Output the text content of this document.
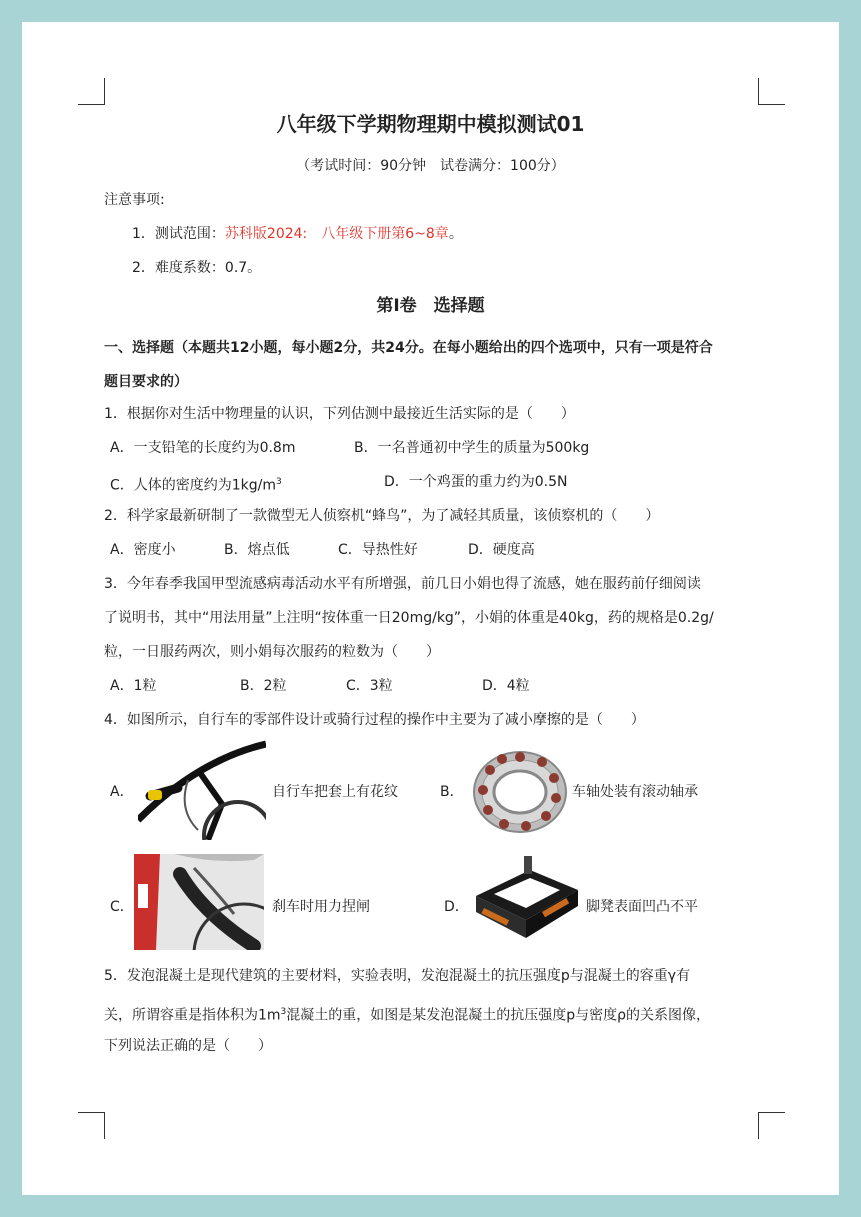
八年级下学期物理期中模拟测试01
（考试时间：90分钟　试卷满分：100分）
注意事项:
1．测试范围：苏科版2024:　八年级下册第6~8章。
2．难度系数：0.7。
第Ⅰ卷　选择题
一、选择题（本题共12小题，每小题2分，共24分。在每小题给出的四个选项中，只有一项是符合
题目要求的）
1．根据你对生活中物理量的认识，下列估测中最接近生活实际的是（　　）
A．一支铅笔的长度约为0.8m	B．一名普通初中学生的质量为500kg
C．人体的密度约为$1kg/m^3$	D．一个鸡蛋的重力约为0.5N
2．科学家最新研制了一款微型无人侦察机“蜂鸟”，为了减轻其质量，该侦察机的（　　）
A．密度小	B．熔点低	C．导热性好	D．硬度高
3．今年春季我国甲型流感病毒活动水平有所增强，前几日小娟也得了流感，她在服药前仔细阅读
了说明书，其中“用法用量”上注明“按体重一日20mg/kg”，小娟的体重是40kg，药的规格是0.2g/
粒，一日服药两次，则小娟每次服药的粒数为（　　）
A．1粒	B．2粒	C．3粒	D．4粒
4．如图所示，自行车的零部件设计或骑行过程的操作中主要为了减小摩擦的是（　　）
A．	自行车把套上有花纹	B．	车轴处装有滚动轴承
C．	刹车时用力捏闸	D．	脚凳表面凹凸不平
5．发泡混凝土是现代建筑的主要材料，实验表明，发泡混凝土的抗压强度p与混凝土的容重γ有
关，所谓容重是指体积为$1m^3$混凝土的重，如图是某发泡混凝土的抗压强度p与密度ρ的关系图像，
下列说法正确的是（　　）
